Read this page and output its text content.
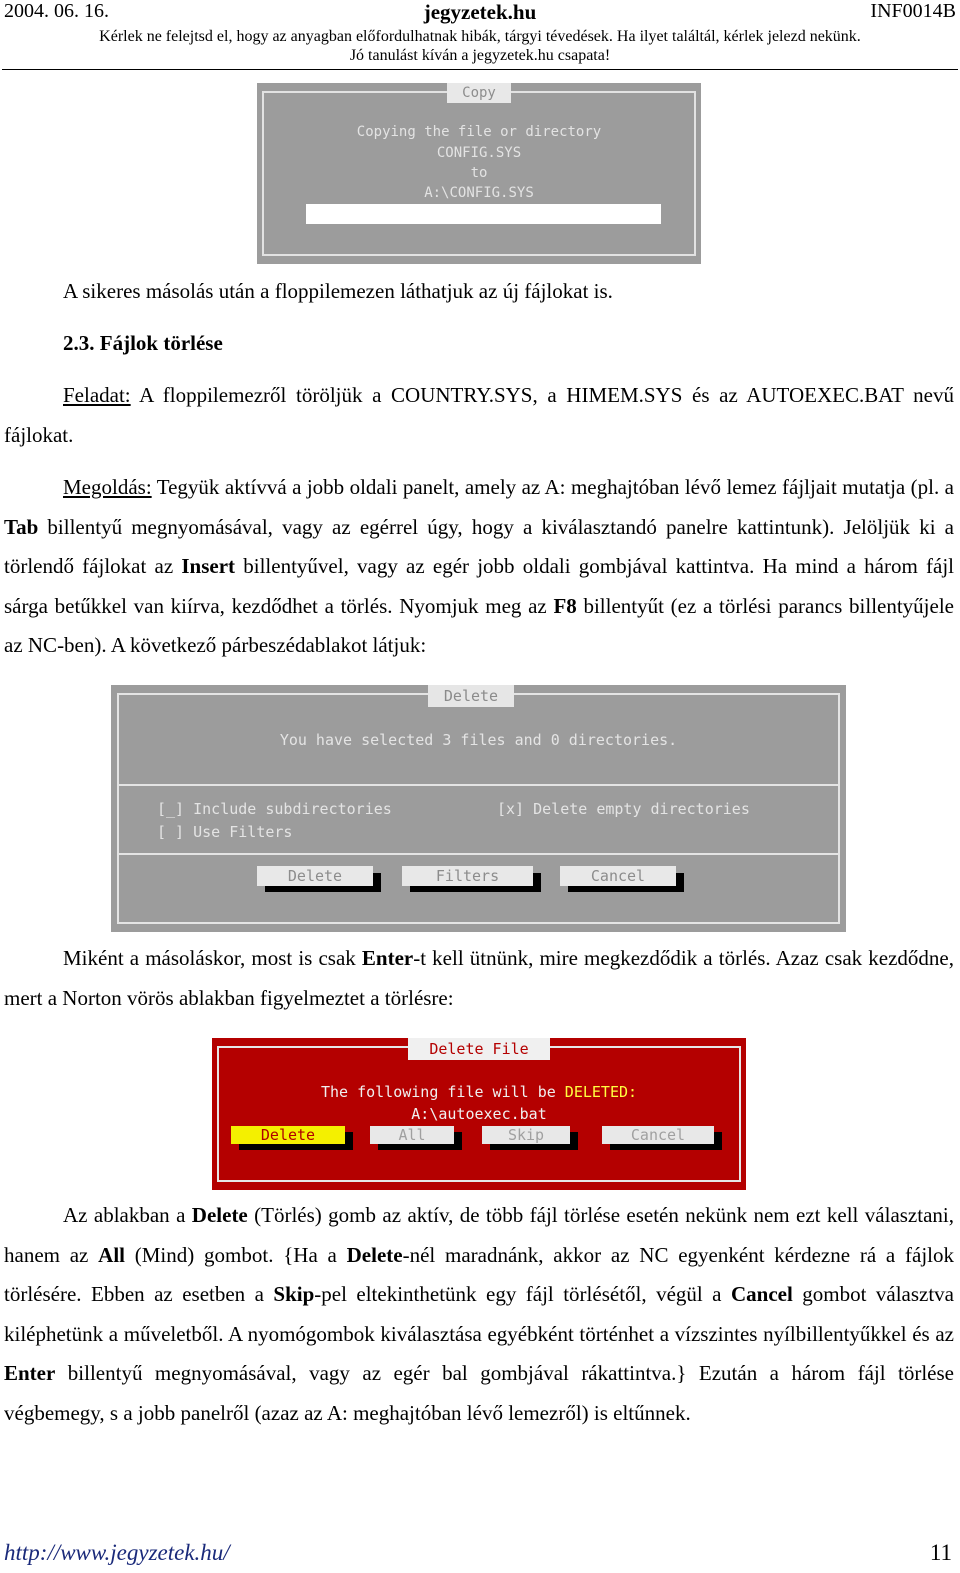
2004. 06. 16.	jegyzetek.hu	INF0014B
Kérlek ne felejtsd el, hogy az anyagban előfordulhatnak hibák, tárgyi tévedések. Ha ilyet találtál, kérlek jelezd nekünk.
Jó tanulást kíván a jegyzetek.hu csapata!
Copy
Copying the file or directory
CONFIG.SYS
to
A:\CONFIG.SYS
A sikeres másolás után a floppilemezen láthatjuk az új fájlokat is.
2.3. Fájlok törlése
Feladat: A floppilemezről töröljük a COUNTRY.SYS, a HIMEM.SYS és az AUTOEXEC.BAT nevű fájlokat.
Megoldás: Tegyük aktívvá a jobb oldali panelt, amely az A: meghajtóban lévő lemez fájljait mutatja (pl. a Tab billentyű megnyomásával, vagy az egérrel úgy, hogy a kiválasztandó panelre kattintunk). Jelöljük ki a törlendő fájlokat az Insert billentyűvel, vagy az egér jobb oldali gombjával kattintva. Ha mind a három fájl sárga betűkkel van kiírva, kezdődhet a törlés. Nyomjuk meg az F8 billentyűt (ez a törlési parancs billentyűjele az NC-ben). A következő párbeszédablakot látjuk:
Delete
You have selected 3 files and 0 directories.
[_] Include subdirectories	[x] Delete empty directories
[ ] Use Filters
Delete	Filters	Cancel
Miként a másoláskor, most is csak Enter-t kell ütnünk, mire megkezdődik a törlés. Azaz csak kezdődne, mert a Norton vörös ablakban figyelmeztet a törlésre:
Delete File
The following file will be DELETED:
A:\autoexec.bat
Delete	All	Skip	Cancel
Az ablakban a Delete (Törlés) gomb az aktív, de több fájl törlése esetén nekünk nem ezt kell választani, hanem az All (Mind) gombot. {Ha a Delete-nél maradnánk, akkor az NC egyenként kérdezne rá a fájlok törlésére. Ebben az esetben a Skip-pel eltekinthetünk egy fájl törlésétől, végül a Cancel gombot választva kiléphetünk a műveletből. A nyomógombok kiválasztása egyébként történhet a vízszintes nyílbillentyűkkel és az Enter billentyű megnyomásával, vagy az egér bal gombjával rákattintva.} Ezután a három fájl törlése végbemegy, s a jobb panelről (azaz az A: meghajtóban lévő lemezről) is eltűnnek.
http://www.jegyzetek.hu/	11
